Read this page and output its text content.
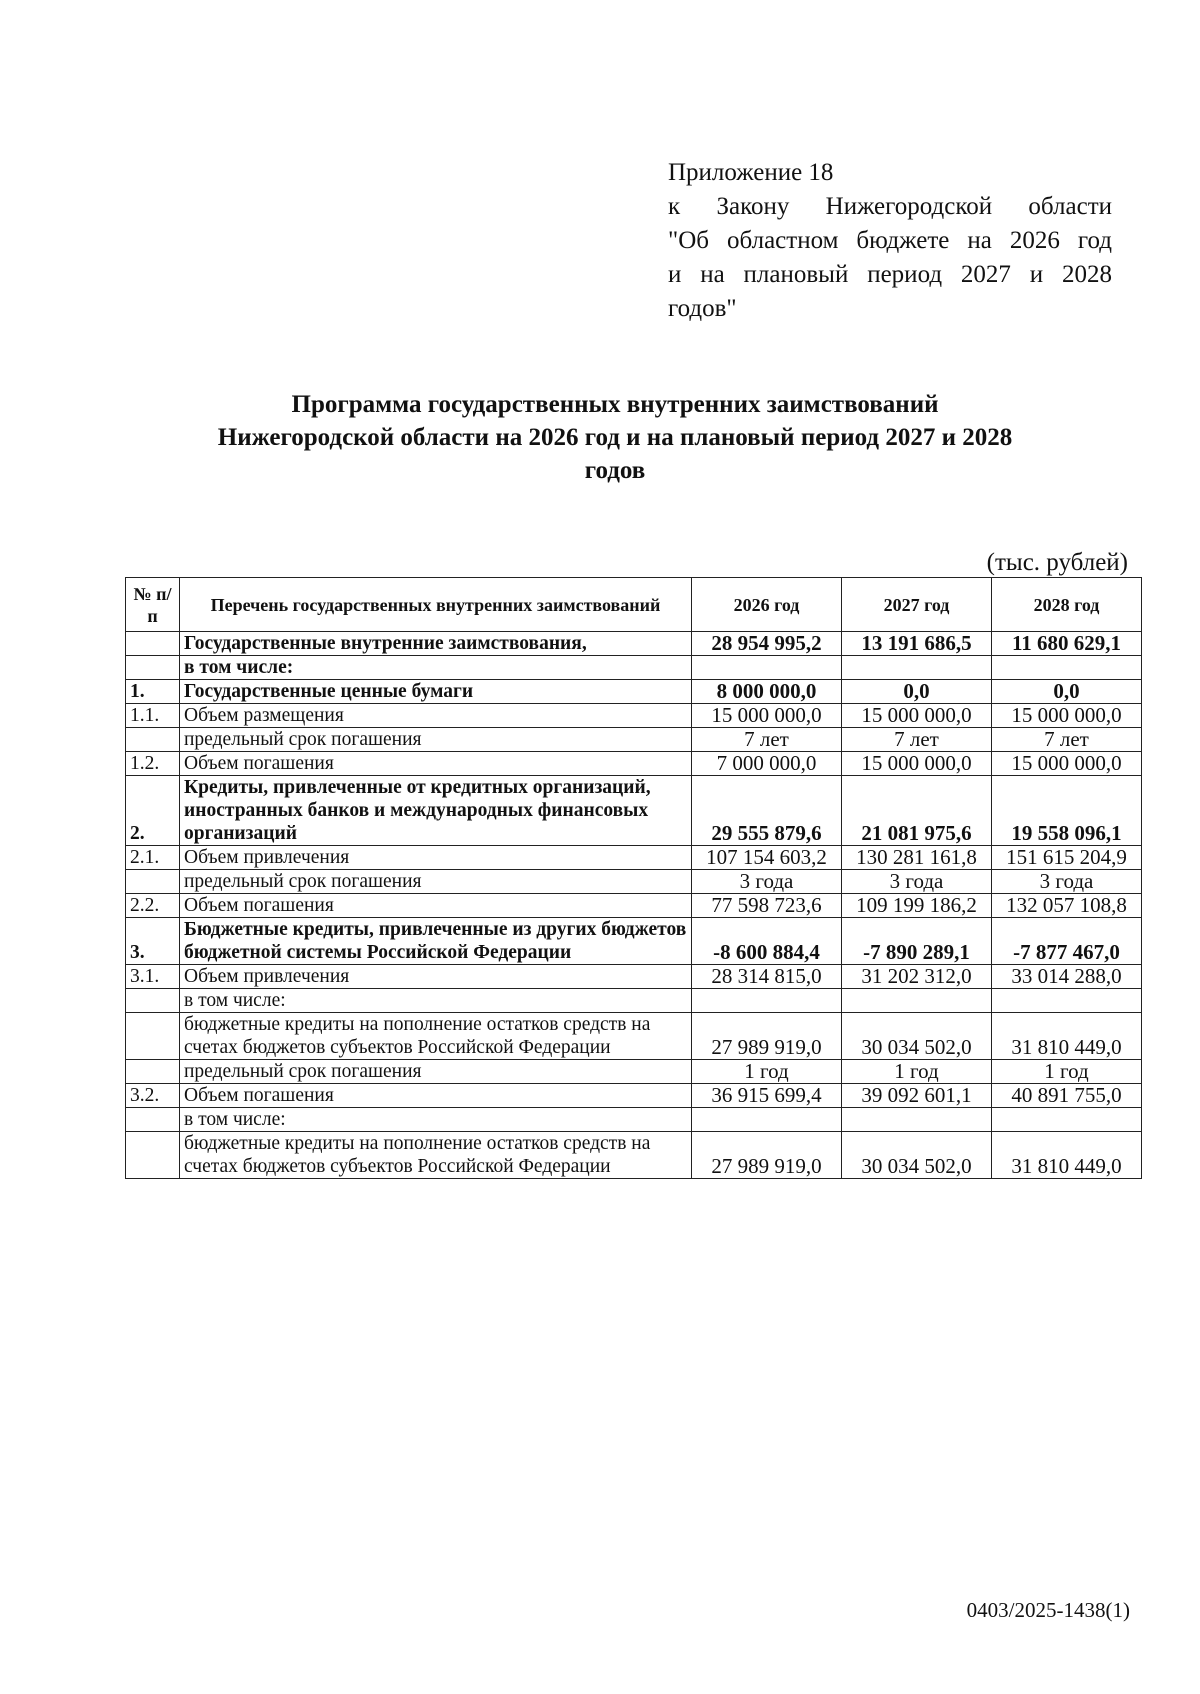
Приложение 18
к Закону Нижегородской области
"Об областном бюджете на 2026 год
и на плановый период 2027 и 2028
годов"
Программа государственных внутренних заимствований
Нижегородской области на 2026 год и на плановый период 2027 и 2028
годов
(тыс. рублей)
№ п/п	Перечень государственных внутренних заимствований	2026 год	2027 год	2028 год
	Государственные внутренние заимствования,	28 954 995,2	13 191 686,5	11 680 629,1
	в том числе:			
1.	Государственные ценные бумаги	8 000 000,0	0,0	0,0
1.1.	Объем размещения	15 000 000,0	15 000 000,0	15 000 000,0
	предельный срок погашения	7 лет	7 лет	7 лет
1.2.	Объем погашения	7 000 000,0	15 000 000,0	15 000 000,0
2.	Кредиты, привлеченные от кредитных организаций, иностранных банков и международных финансовых организаций	29 555 879,6	21 081 975,6	19 558 096,1
2.1.	Объем привлечения	107 154 603,2	130 281 161,8	151 615 204,9
	предельный срок погашения	3 года	3 года	3 года
2.2.	Объем погашения	77 598 723,6	109 199 186,2	132 057 108,8
3.	Бюджетные кредиты, привлеченные из других бюджетов бюджетной системы Российской Федерации	-8 600 884,4	-7 890 289,1	-7 877 467,0
3.1.	Объем привлечения	28 314 815,0	31 202 312,0	33 014 288,0
	в том числе:			
	бюджетные кредиты на пополнение остатков средств на счетах бюджетов субъектов Российской Федерации	27 989 919,0	30 034 502,0	31 810 449,0
	предельный срок погашения	1 год	1 год	1 год
3.2.	Объем погашения	36 915 699,4	39 092 601,1	40 891 755,0
	в том числе:			
	бюджетные кредиты на пополнение остатков средств на счетах бюджетов субъектов Российской Федерации	27 989 919,0	30 034 502,0	31 810 449,0
0403/2025-1438(1)
